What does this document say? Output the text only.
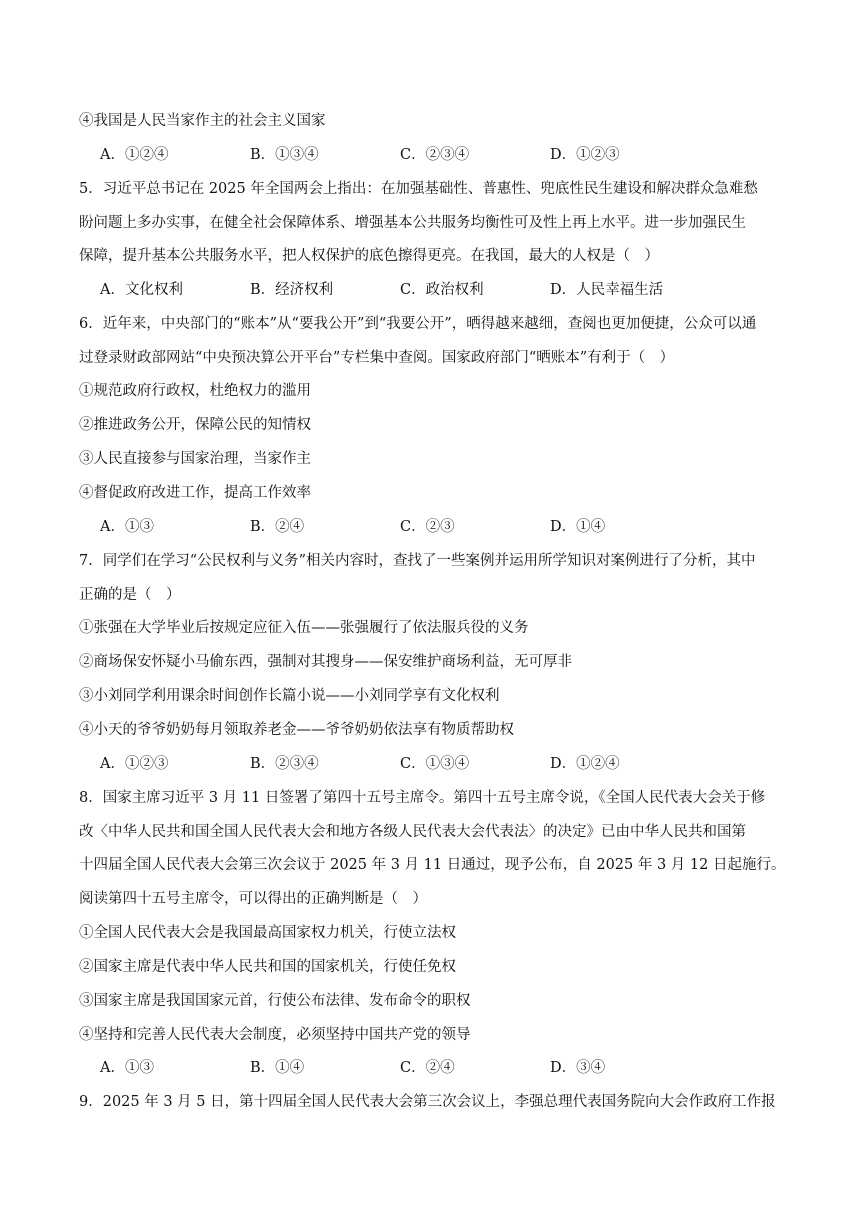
④我国是人民当家作主的社会主义国家
A．①②④	B．①③④	C．②③④	D．①②③
5．习近平总书记在 2025 年全国两会上指出：在加强基础性、普惠性、兜底性民生建设和解决群众急难愁
盼问题上多办实事，在健全社会保障体系、增强基本公共服务均衡性可及性上再上水平。进一步加强民生
保障，提升基本公共服务水平，把人权保护的底色擦得更亮。在我国，最大的人权是（　）
A．文化权利	B．经济权利	C．政治权利	D．人民幸福生活
6．近年来，中央部门的“账本”从“要我公开”到“我要公开”，晒得越来越细，查阅也更加便捷，公众可以通
过登录财政部网站“中央预决算公开平台”专栏集中查阅。国家政府部门“晒账本”有利于（　）
①规范政府行政权，杜绝权力的滥用
②推进政务公开，保障公民的知情权
③人民直接参与国家治理，当家作主
④督促政府改进工作，提高工作效率
A．①③	B．②④	C．②③	D．①④
7．同学们在学习“公民权利与义务”相关内容时，查找了一些案例并运用所学知识对案例进行了分析，其中
正确的是（　）
①张强在大学毕业后按规定应征入伍——张强履行了依法服兵役的义务
②商场保安怀疑小马偷东西，强制对其搜身——保安维护商场利益，无可厚非
③小刘同学利用课余时间创作长篇小说——小刘同学享有文化权利
④小天的爷爷奶奶每月领取养老金——爷爷奶奶依法享有物质帮助权
A．①②③	B．②③④	C．①③④	D．①②④
8．国家主席习近平 3 月 11 日签署了第四十五号主席令。第四十五号主席令说，《全国人民代表大会关于修
改〈中华人民共和国全国人民代表大会和地方各级人民代表大会代表法〉的决定》已由中华人民共和国第
十四届全国人民代表大会第三次会议于 2025 年 3 月 11 日通过，现予公布，自 2025 年 3 月 12 日起施行。
阅读第四十五号主席令，可以得出的正确判断是（　）
①全国人民代表大会是我国最高国家权力机关，行使立法权
②国家主席是代表中华人民共和国的国家机关，行使任免权
③国家主席是我国国家元首，行使公布法律、发布命令的职权
④坚持和完善人民代表大会制度，必须坚持中国共产党的领导
A．①③	B．①④	C．②④	D．③④
9．2025 年 3 月 5 日，第十四届全国人民代表大会第三次会议上，李强总理代表国务院向大会作政府工作报
